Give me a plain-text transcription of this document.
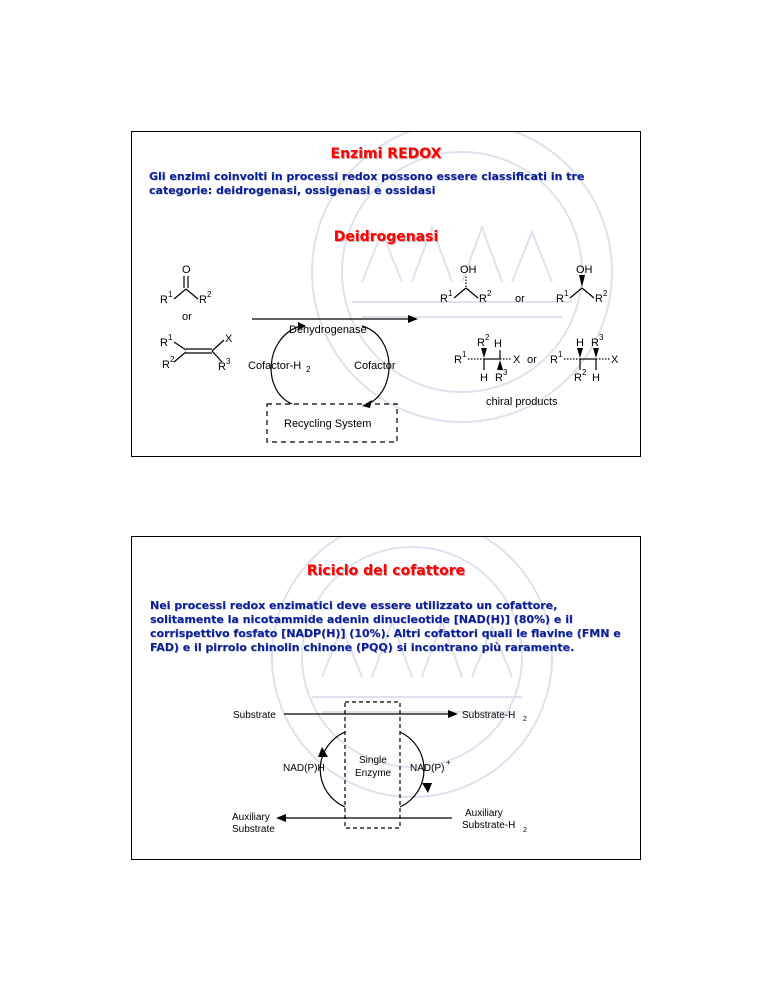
Enzimi REDOX
Gli enzimi coinvolti in processi redox possono essere classificati in tre categorie: deidrogenasi, ossigenasi e ossidasi
Deidrogenasi
O
R 1 R 2
or
R 1
R 2
X
R 3
Dehydrogenase
Cofactor-H 2	Cofactor
Recycling System
OH
R 1 R 2 or
OH
R 1 R 2
R 2
H
R 1	X
H R 3
or
H R 3
R 1	X
R 2 H
chiral products
Riciclo del cofattore
Nei processi redox enzimatici deve essere utilizzato un cofattore, solitamente la nicotammide adenin dinucleotide [NAD(H)] (80%) e il corrispettivo fosfato [NADP(H)] (10%). Altri cofattori quali le flavine (FMN e FAD) e il pirrolo chinolin chinone (PQQ) si incontrano più raramente.
Substrate	Substrate-H 2
NAD(P)H
Single
Enzyme NAD(P)
+
Auxiliary
Substrate
Auxiliary
Substrate-H 2
